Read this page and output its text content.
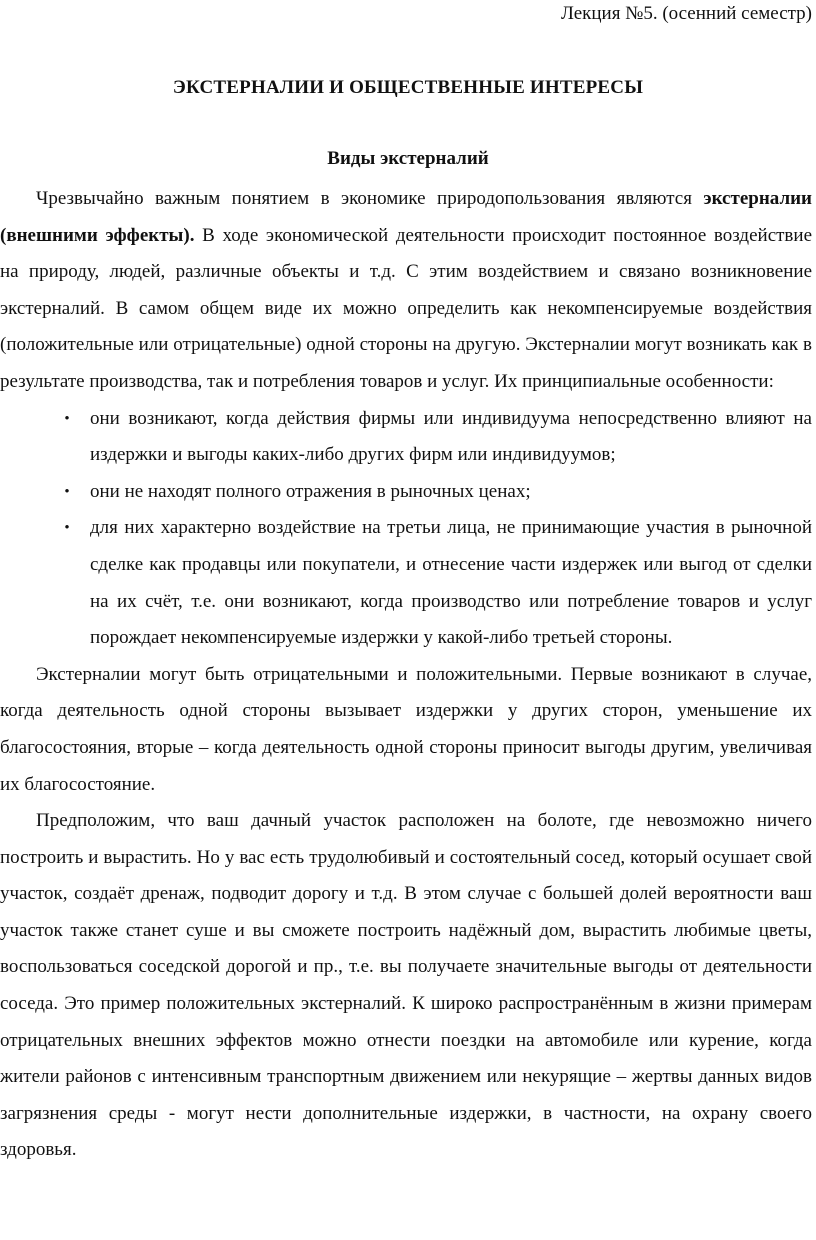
Лекция №5. (осенний семестр)
ЭКСТЕРНАЛИИ И ОБЩЕСТВЕННЫЕ ИНТЕРЕСЫ
Виды экстерналий

Чрезвычайно важным понятием в экономике природопользования являются экстерналии (внешними эффекты). В ходе экономической деятельности происходит постоянное воздействие на природу, людей, различные объекты и т.д. С этим воздействием и связано возникновение экстерналий. В самом общем виде их можно определить как некомпенсируемые воздействия (положительные или отрицательные) одной стороны на другую. Экстерналии могут возникать как в результате производства, так и потребления товаров и услуг. Их принципиальные особенности:

• они возникают, когда действия фирмы или индивидуума непосредственно влияют на издержки и выгоды каких-либо других фирм или индивидуумов;
• они не находят полного отражения в рыночных ценах;
• для них характерно воздействие на третьи лица, не принимающие участия в рыночной сделке как продавцы или покупатели, и отнесение части издержек или выгод от сделки на их счёт, т.е. они возникают, когда производство или потребление товаров и услуг порождает некомпенсируемые издержки у какой-либо третьей стороны.

Экстерналии могут быть отрицательными и положительными. Первые возникают в случае, когда деятельность одной стороны вызывает издержки у других сторон, уменьшение их благосостояния, вторые – когда деятельность одной стороны приносит выгоды другим, увеличивая их благосостояние.

Предположим, что ваш дачный участок расположен на болоте, где невозможно ничего построить и вырастить. Но у вас есть трудолюбивый и состоятельный сосед, который осушает свой участок, создаёт дренаж, подводит дорогу и т.д. В этом случае с большей долей вероятности ваш участок также станет суше и вы сможете построить надёжный дом, вырастить любимые цветы, воспользоваться соседской дорогой и пр., т.е. вы получаете значительные выгоды от деятельности соседа. Это пример положительных экстерналий. К широко распространённым в жизни примерам отрицательных внешних эффектов можно отнести поездки на автомобиле или курение, когда жители районов с интенсивным транспортным движением или некурящие – жертвы данных видов загрязнения среды - могут нести дополнительные издержки, в частности, на охрану своего здоровья.
